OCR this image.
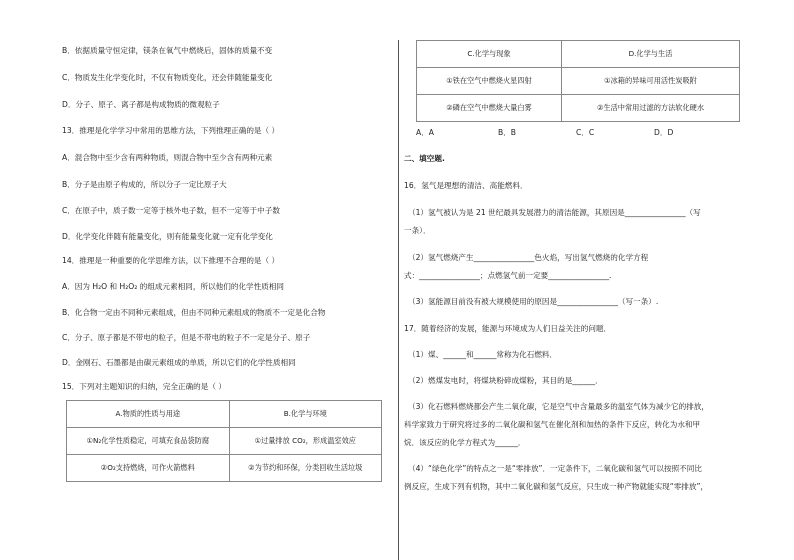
B．依据质量守恒定律，镁条在氧气中燃烧后，固体的质量不变
C．物质发生化学变化时，不仅有物质变化，还会伴随能量变化
D．分子、原子、离子都是构成物质的微观粒子
13．推理是化学学习中常用的思维方法，下列推理正确的是（ ）
A．混合物中至少含有两种物质，则混合物中至少含有两种元素
B．分子是由原子构成的，所以分子一定比原子大
C．在原子中，质子数一定等于核外电子数，但不一定等于中子数
D．化学变化伴随有能量变化，则有能量变化就一定有化学变化
14．推理是一种重要的化学思维方法，以下推理不合理的是（ ）
A．因为 H₂O 和 H₂O₂ 的组成元素相同，所以他们的化学性质相同
B．化合物一定由不同种元素组成，但由不同种元素组成的物质不一定是化合物
C．分子、原子都是不带电的粒子，但是不带电的粒子不一定是分子、原子
D．金刚石、石墨都是由碳元素组成的单质，所以它们的化学性质相同
15．下列对主题知识的归纳，完全正确的是（ ）
A.物质的性质与用途	B.化学与环境
①N₂化学性质稳定，可填充食品袋防腐	①过量排放 CO₂，形成温室效应
②O₂支持燃烧，可作火箭燃料	②为节约和环保，分类回收生活垃圾
C.化学与现象	D.化学与生活
①铁在空气中燃烧火星四射	①冰箱的异味可用活性炭吸附
②磷在空气中燃烧大量白雾	②生活中常用过滤的方法软化硬水
A．A	B．B	C．C	D．D
二、填空题.
16．氢气是理想的清洁、高能燃料．
（1）氢气被认为是 21 世纪最具发展潜力的清洁能源，其原因是________________（写
一条）．
（2）氢气燃烧产生________________色火焰，写出氢气燃烧的化学方程
式：________________；点燃氢气前一定要________________.
（3）氢能源目前没有被大规模使用的原因是________________（写一条）.
17．随着经济的发展，能源与环境成为人们日益关注的问题．
（1）煤、______和______常称为化石燃料．
（2）燃煤发电时，将煤块粉碎成煤粉，其目的是______．
（3）化石燃料燃烧都会产生二氧化碳，它是空气中含量最多的温室气体为减少它的排放，
科学家致力于研究将过多的二氧化碳和氢气在催化剂和加热的条件下反应，转化为水和甲
烷．该反应的化学方程式为______．
（4）“绿色化学”的特点之一是“零排放”．一定条件下，二氧化碳和氢气可以按照不同比
例反应，生成下列有机物，其中二氧化碳和氢气反应，只生成一种产物就能实现“零排放”，
